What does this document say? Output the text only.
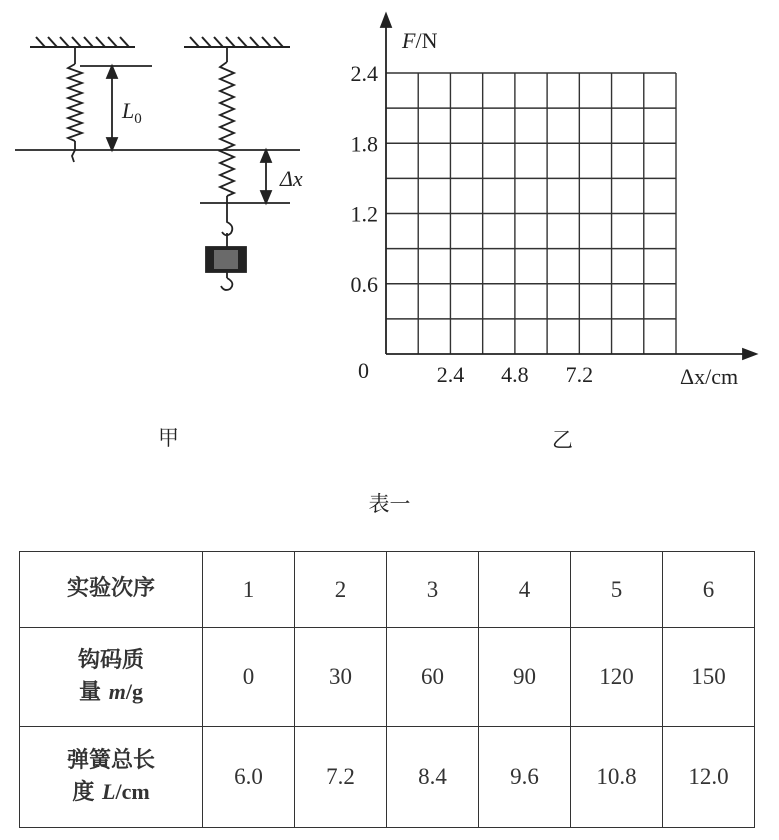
$L_0$
Δx
甲
F/N
Δx/cm
0
0.6
1.2
1.8
2.4
2.4 4.8 7.2
乙
表一
实验次序	1	2	3	4	5	6
钩码质
量 m/g	0	30	60	90	120	150
弹簧总长
度 L/cm	6.0	7.2	8.4	9.6	10.8	12.0
